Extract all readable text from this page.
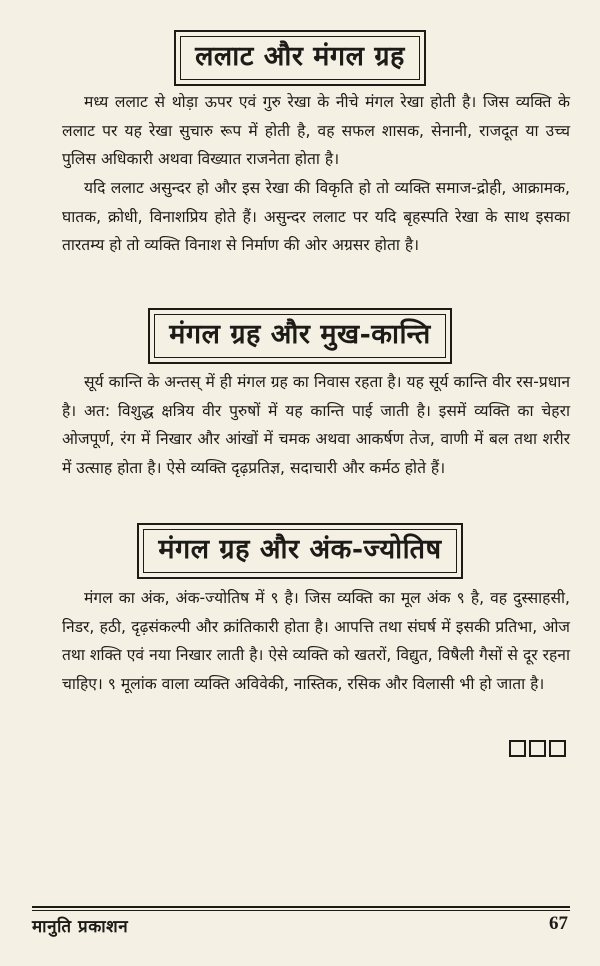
ललाट और मंगल ग्रह

मध्य ललाट से थोड़ा ऊपर एवं गुरु रेखा के नीचे मंगल रेखा होती है। जिस व्यक्ति के ललाट पर यह रेखा सुचारु रूप में होती है, वह सफल शासक, सेनानी, राजदूत या उच्च पुलिस अधिकारी अथवा विख्यात राजनेता होता है।

यदि ललाट असुन्दर हो और इस रेखा की विकृति हो तो व्यक्ति समाज-द्रोही, आक्रामक, घातक, क्रोधी, विनाशप्रिय होते हैं। असुन्दर ललाट पर यदि बृहस्पति रेखा के साथ इसका तारतम्य हो तो व्यक्ति विनाश से निर्माण की ओर अग्रसर होता है।

मंगल ग्रह और मुख-कान्ति

सूर्य कान्ति के अन्तस् में ही मंगल ग्रह का निवास रहता है। यह सूर्य कान्ति वीर रस-प्रधान है। अत: विशुद्ध क्षत्रिय वीर पुरुषों में यह कान्ति पाई जाती है। इसमें व्यक्ति का चेहरा ओजपूर्ण, रंग में निखार और आंखों में चमक अथवा आकर्षण तेज, वाणी में बल तथा शरीर में उत्साह होता है। ऐसे व्यक्ति दृढ़प्रतिज्ञ, सदाचारी और कर्मठ होते हैं।

मंगल ग्रह और अंक-ज्योतिष

मंगल का अंक, अंक-ज्योतिष में ९ है। जिस व्यक्ति का मूल अंक ९ है, वह दुस्साहसी, निडर, हठी, दृढ़संकल्पी और क्रांतिकारी होता है। आपत्ति तथा संघर्ष में इसकी प्रतिभा, ओज तथा शक्ति एवं नया निखार लाती है। ऐसे व्यक्ति को खतरों, विद्युत, विषैली गैसों से दूर रहना चाहिए। ९ मूलांक वाला व्यक्ति अविवेकी, नास्तिक, रसिक और विलासी भी हो जाता है।

मानुति प्रकाशन	67
